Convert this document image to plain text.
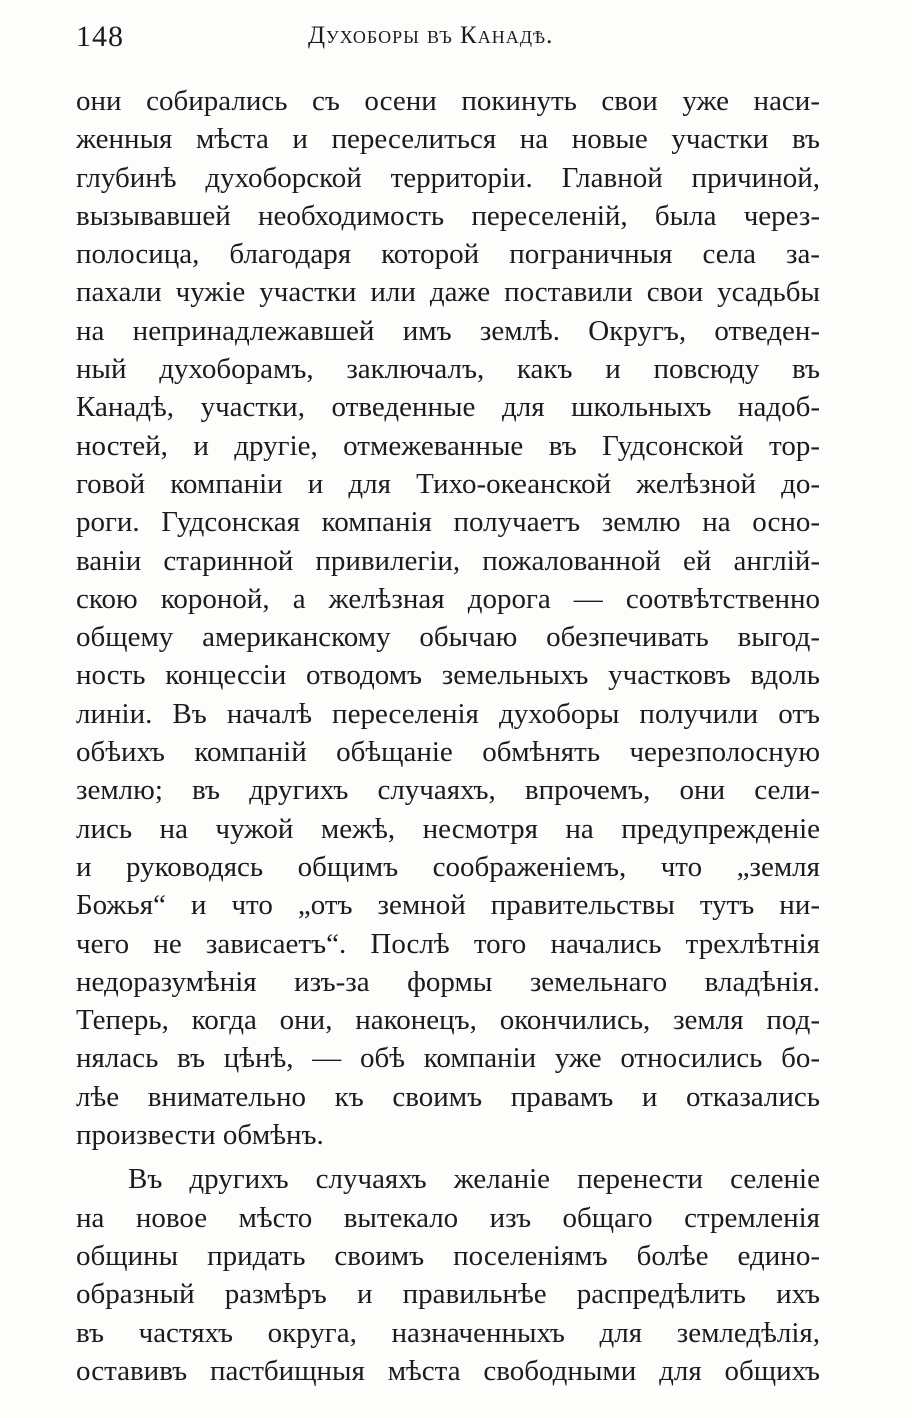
148	Духоборы въ Канадѣ.
они собирались съ осени покинуть свои уже наси-
женныя мѣста и переселиться на новые участки въ
глубинѣ духоборской территоріи. Главной причиной,
вызывавшей необходимость переселеній, была через-
полосица, благодаря которой пограничныя села за-
пахали чужіе участки или даже поставили свои усадьбы
на непринадлежавшей имъ землѣ. Округъ, отведен-
ный духоборамъ, заключалъ, какъ и повсюду въ
Канадѣ, участки, отведенные для школьныхъ надоб-
ностей, и другіе, отмежеванные въ Гудсонской тор-
говой компаніи и для Тихо-океанской желѣзной до-
роги. Гудсонская компанія получаетъ землю на осно-
ваніи старинной привилегіи, пожалованной ей англій-
скою короной, а желѣзная дорога — соотвѣтственно
общему американскому обычаю обезпечивать выгод-
ность концессіи отводомъ земельныхъ участковъ вдоль
линіи. Въ началѣ переселенія духоборы получили отъ
обѣихъ компаній обѣщаніе обмѣнять черезполосную
землю; въ другихъ случаяхъ, впрочемъ, они сели-
лись на чужой межѣ, несмотря на предупрежденіе
и руководясь общимъ соображеніемъ, что „земля
Божья“ и что „отъ земной правительствы тутъ ни-
чего не зависаетъ“. Послѣ того начались трехлѣтнія
недоразумѣнія изъ-за формы земельнаго владѣнія.
Теперь, когда они, наконецъ, окончились, земля под-
нялась въ цѣнѣ, — обѣ компаніи уже относились бо-
лѣе внимательно къ своимъ правамъ и отказались
произвести обмѣнъ.
Въ другихъ случаяхъ желаніе перенести селеніе
на новое мѣсто вытекало изъ общаго стремленія
общины придать своимъ поселеніямъ болѣе едино-
образный размѣръ и правильнѣе распредѣлить ихъ
въ частяхъ округа, назначенныхъ для земледѣлія,
оставивъ пастбищныя мѣста свободными для общихъ
